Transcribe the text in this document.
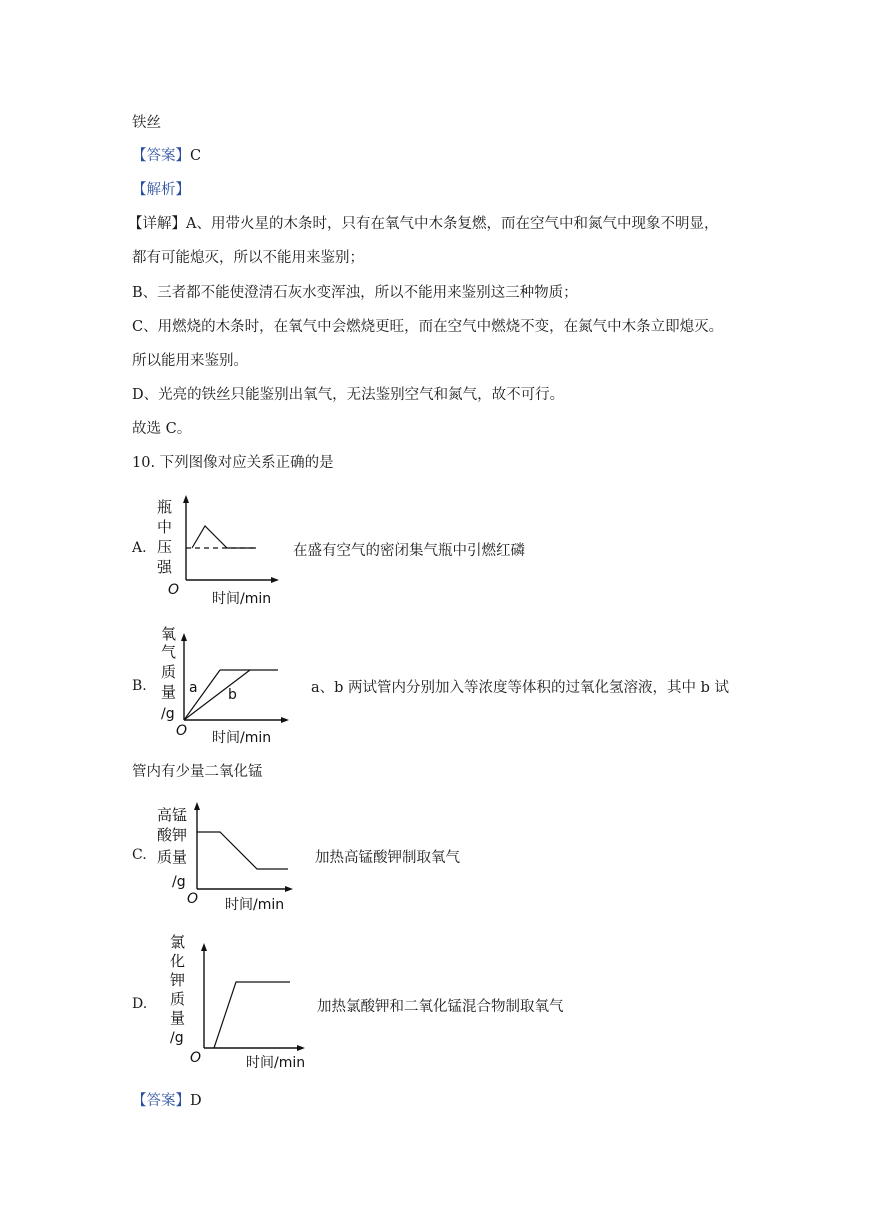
铁丝
【答案】C
【解析】
【详解】A、用带火星的木条时，只有在氧气中木条复燃，而在空气中和氮气中现象不明显，
都有可能熄灭，所以不能用来鉴别；
B、三者都不能使澄清石灰水变浑浊，所以不能用来鉴别这三种物质；
C、用燃烧的木条时，在氧气中会燃烧更旺，而在空气中燃烧不变，在氮气中木条立即熄灭。
所以能用来鉴别。
D、光亮的铁丝只能鉴别出氧气，无法鉴别空气和氮气，故不可行。
故选 C。
10. 下列图像对应关系正确的是
A.
瓶
中
压
强
O
时间/min
在盛有空气的密闭集气瓶中引燃红磷
B.
氧
气
质
量
/g
a b
O 时间/min
a、b 两试管内分别加入等浓度等体积的过氧化氢溶液，其中 b 试
管内有少量二氧化锰
C.
高锰
酸钾
质量
/g
O 时间/min
加热高锰酸钾制取氧气
D.
氯
化
钾
质
量
/g
O	时间/min
加热氯酸钾和二氧化锰混合物制取氧气
【答案】D
